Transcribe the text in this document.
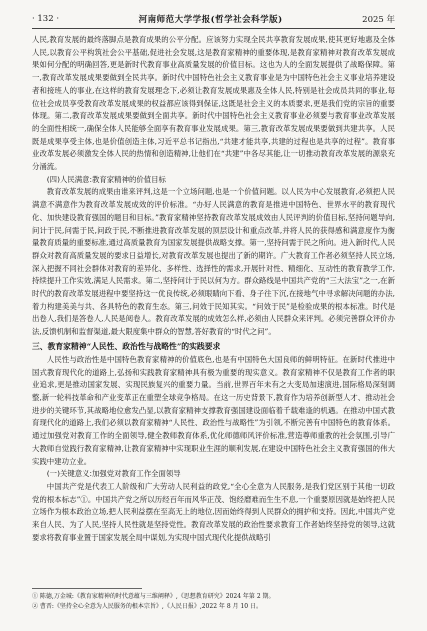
· 132 ·	河南师范大学学报(哲学社会科学版)	2025 年

人民,教育发展的最终落脚点是教育成果的公平分配。应该努力实现全民共享教育发展成果,使其更好地惠及全体人民,以教育公平构筑社会公平基础,促进社会发展,这是教育家精神的重要体现,是教育家精神对教育改革发展成果如何分配的明确回答,更是新时代教育事业高质量发展的价值目标。这也为人的全面发展提供了战略保障。第一,教育改革发展成果要做到全民共享。新时代中国特色社会主义教育事业是为中国特色社会主义事业培养建设者和接班人的事业,在这样的教育发展理念下,必须让教育发展成果惠及全体人民,特别是社会成员共同的事业,每位社会成员享受教育改革发展成果的权益都应该得到保证,这既是社会主义的本质要求,更是我们党的宗旨的重要体现。第二,教育改革发展成果要做到全面共享。新时代中国特色社会主义教育事业必须要与教育事业改革发展的全面性相统一,确保全体人民能够全面享有教育事业发展成果。第三,教育改革发展成果要做到共建共享。人民既是成果享受主体,也是价值创造主体,习近平总书记指出,“共建才能共享,共建的过程也是共享的过程”。教育事业改革发展必须激发全体人民的热情和创造精神,让他们在“共建”中各尽其能,让一切推动教育改革发展的源泉充分涌流。

(四)人民满意:教育家精神的价值目标

教育改革发展的成果由谁来评判,这是一个立场问题,也是一个价值问题。以人民为中心发展教育,必须把人民满意不满意作为教育改革发展成效的评价标准。“办好人民满意的教育是推进中国特色、世界水平的教育现代化、加快建设教育强国的题目和目标。”教育家精神坚持教育改革发展成效由人民评判的价值目标,坚持问题导向,问计于民,问需于民,问政于民,不断推进教育改革发展的顶层设计和重点改革,并将人民的获得感和满意度作为衡量教育质量的重要标准,通过高质量教育为国家发展提供战略支撑。第一,坚持问需于民之所向。进入新时代,人民群众对教育高质量发展的要求日益增长,对教育改革发展也提出了新的期许。广大教育工作者必须坚持人民立场,深入把握不同社会群体对教育的差异化、多样性、选择性的需求,开展针对性、精细化、互动性的教育教学工作,持续提升工作实效,满足人民需求。第二,坚持问计于民以何为方。群众路线是中国共产党的“三大法宝”之一,在新时代的教育改革发展进程中要坚持这一优良传统,必须眼睛向下看、身子往下沉,在接地气中寻求解决问题的办法,着力构建美美与共、各具特色的教育生态。第三,问效于民知其实。“问效于民”是检验成果的根本标准。时代是出卷人,我们是答卷人,人民是阅卷人。教育改革发展的成效怎么样,必须由人民群众来评判。必须完善群众评价办法,反馈机制和监督渠道,最大限度集中群众的智慧,答好教育的“时代之问”。

三、教育家精神“人民性、政治性与战略性”的实践要求

人民性与政治性是中国特色教育家精神的价值底色,也是有中国特色大国良师的鲜明特征。在新时代推进中国式教育现代化的道路上,弘扬和实践教育家精神具有极为重要的现实意义。教育家精神不仅是教育工作者的职业追求,更是推动国家发展、实现民族复兴的重要力量。当前,世界百年未有之大变局加速演进,国际格局深刻调整,新一轮科技革命和产业变革正在重塑全球竞争格局。在这一历史背景下,教育作为培养创新型人才、推动社会进步的关键环节,其战略地位愈发凸显,以教育家精神支撑教育强国建设面临着千载难逢的机遇。在推动中国式教育现代化的道路上,我们必须以教育家精神“人民性、政治性与战略性”为引领,不断完善有中国特色的教育体系。通过加强党对教育工作的全面领导,健全教师教育体系,优化师德师风评价标准,营造尊师重教的社会氛围,引导广大教师自觉践行教育家精神,让教育家精神中实现职业生涯的顺利发展,在建设中国特色社会主义教育强国的伟大实践中建功立业。

(一)关键意义:加强党对教育工作全面领导

中国共产党是代表工人阶级和广大劳动人民利益的政党,“全心全意为人民服务,是我们党区别于其他一切政党的根本标志”①。中国共产党之所以历经百年而风华正茂、饱经磨难而生生不息,一个重要原因就是始终把人民立场作为根本政治立场,把人民利益摆在至高无上的地位,因而始终得到人民群众的拥护和支持。因此,中国共产党来自人民、为了人民,坚持人民性就是坚持党性。教育改革发展的政治性要求教育工作者始终坚持党的领导,这就要求将教育事业置于国家发展全局中谋划,为实现中国式现代化提供战略引

① 陈德,万金城:《教育家精神的时代意蕴与三维阐释》,《思想教育研究》2024 年第 2 期。
② 曹晋:《坚持全心全意为人民服务的根本宗旨》,《人民日报》,2022 年 8 月 10 日。
